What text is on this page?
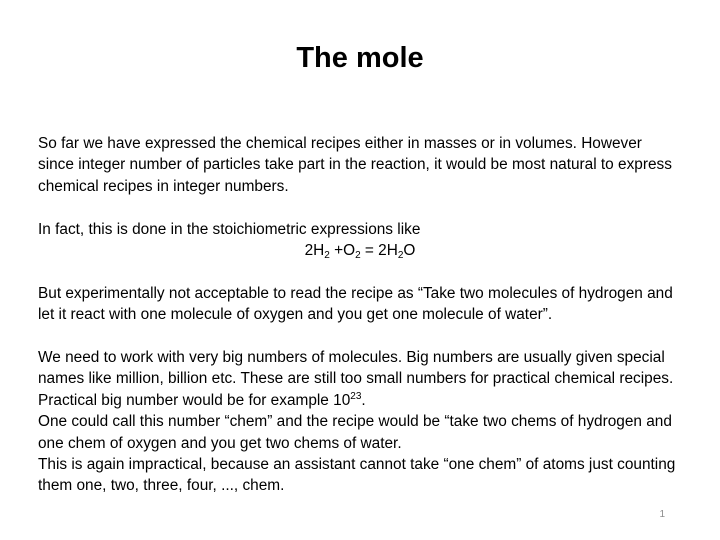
The mole

So far we have expressed the chemical recipes either in masses or in volumes. However since integer number of particles take part in the reaction, it would be most natural to express chemical recipes in integer numbers.

In fact, this is done in the stoichiometric expressions like

$2H_2 +O_2 = 2H_2O$

But experimentally not acceptable to read the recipe as “Take two molecules of hydrogen and let it react with one molecule of oxygen and you get one molecule of water”.

We need to work with very big numbers of molecules. Big numbers are usually given special names like million, billion etc. These are still too small numbers for practical chemical recipes. Practical big number would be for example $10^{23}$.

One could call this number “chem” and the recipe would be “take two chems of hydrogen and one chem of oxygen and you get two chems of water.

This is again impractical, because an assistant cannot take “one chem” of atoms just counting them one, two, three, four, ..., chem.

1
